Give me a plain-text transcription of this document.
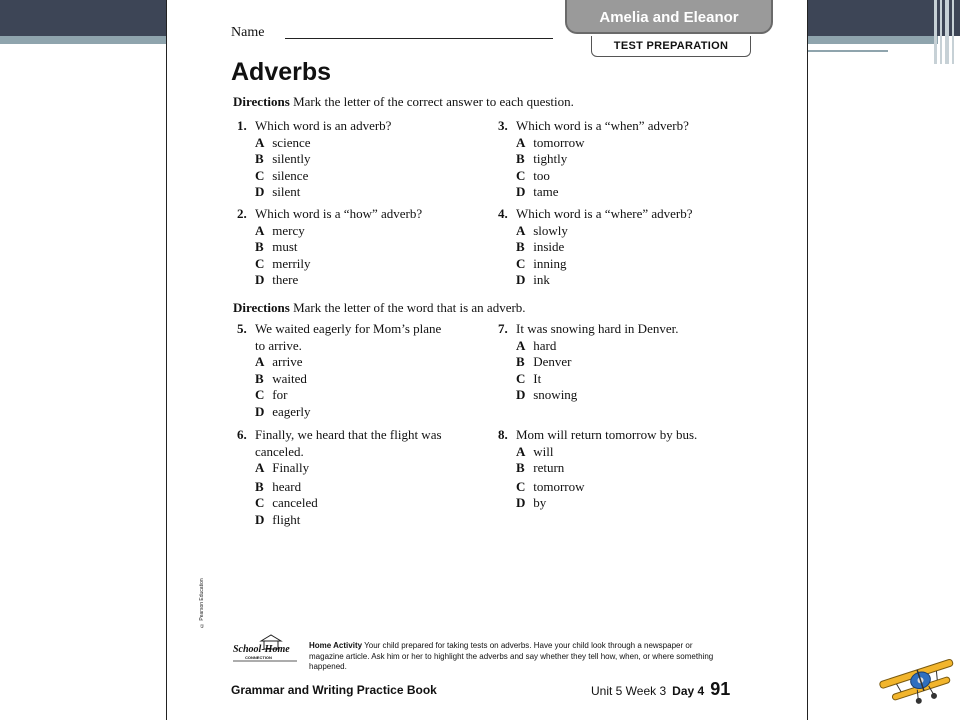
Name
Amelia and Eleanor
TEST PREPARATION
Adverbs
Directions Mark the letter of the correct answer to each question.
1. Which word is an adverb?
A science
B silently
C silence
D silent
2. Which word is a “how” adverb?
A mercy
B must
C merrily
D there
3. Which word is a “when” adverb?
A tomorrow
B tightly
C too
D tame
4. Which word is a “where” adverb?
A slowly
B inside
C inning
D ink
Directions Mark the letter of the word that is an adverb.
5. We waited eagerly for Mom’s plane
to arrive.
A arrive
B waited
C for
D eagerly
6. Finally, we heard that the flight was
canceled.
A Finally
B heard
C canceled
D flight
7. It was snowing hard in Denver.
A hard
B Denver
C It
D snowing
8. Mom will return tomorrow by bus.
A will
B return
C tomorrow
D by
© Pearson Education
School-Home
CONNECTION
Home Activity Your child prepared for taking tests on adverbs. Have your child look through a newspaper or magazine article. Ask him or her to highlight the adverbs and say whether they tell how, when, or where something happened.
Grammar and Writing Practice Book	Unit 5 Week 3 Day 4 91
